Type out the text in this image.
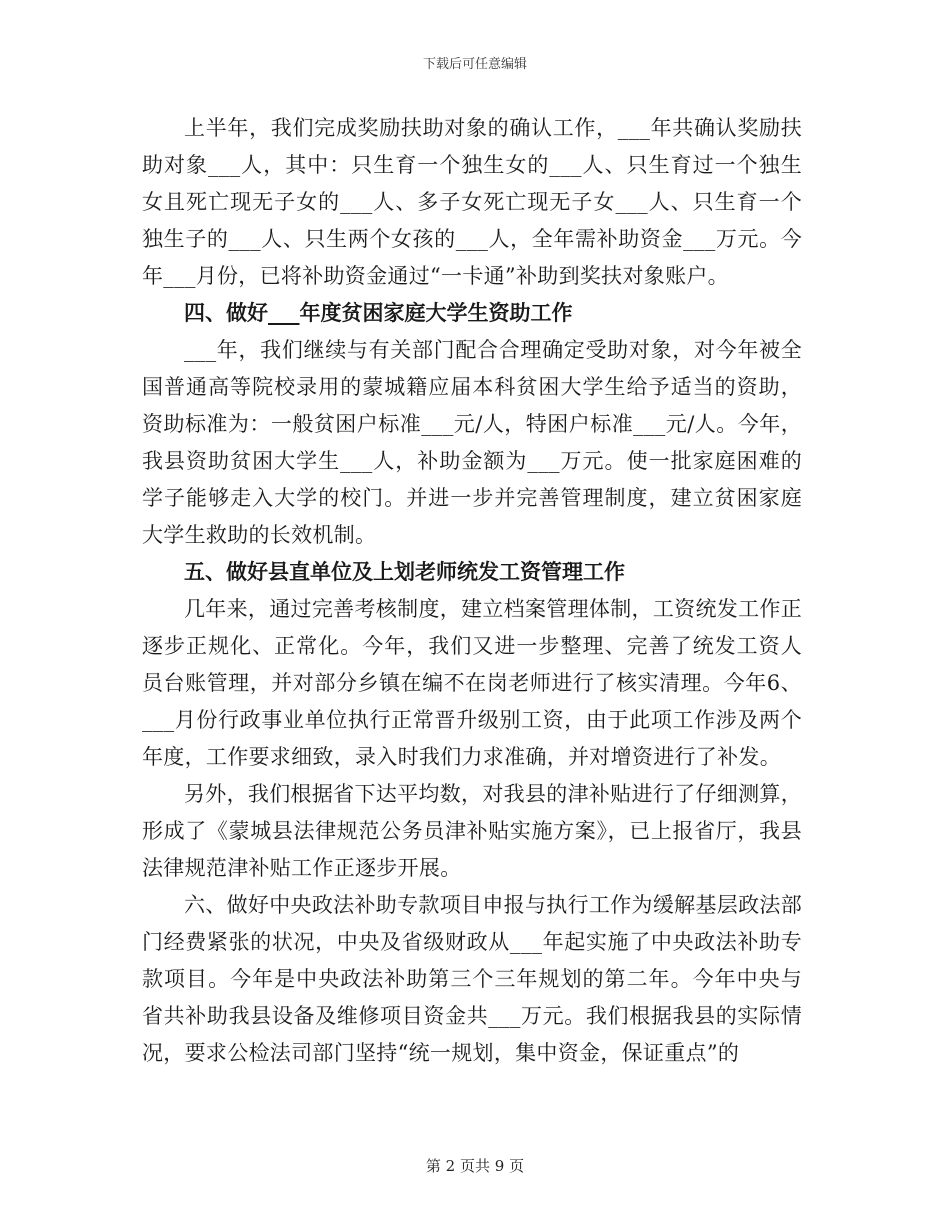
下载后可任意编辑

上半年，我们完成奖励扶助对象的确认工作，___年共确认奖励扶助对象___人，其中：只生育一个独生女的___人、只生育过一个独生女且死亡现无子女的___人、多子女死亡现无子女___人、只生育一个独生子的___人、只生两个女孩的___人，全年需补助资金___万元。今年___月份，已将补助资金通过“一卡通”补助到奖扶对象账户。

四、做好___年度贫困家庭大学生资助工作

___年，我们继续与有关部门配合合理确定受助对象，对今年被全国普通高等院校录用的蒙城籍应届本科贫困大学生给予适当的资助，资助标准为：一般贫困户标准___元/人，特困户标准___元/人。今年，我县资助贫困大学生___人，补助金额为___万元。使一批家庭困难的学子能够走入大学的校门。并进一步并完善管理制度，建立贫困家庭大学生救助的长效机制。

五、做好县直单位及上划老师统发工资管理工作

几年来，通过完善考核制度，建立档案管理体制，工资统发工作正逐步正规化、正常化。今年，我们又进一步整理、完善了统发工资人员台账管理，并对部分乡镇在编不在岗老师进行了核实清理。今年6、___月份行政事业单位执行正常晋升级别工资，由于此项工作涉及两个年度，工作要求细致，录入时我们力求准确，并对增资进行了补发。

另外，我们根据省下达平均数，对我县的津补贴进行了仔细测算，形成了《蒙城县法律规范公务员津补贴实施方案》，已上报省厅，我县法律规范津补贴工作正逐步开展。

六、做好中央政法补助专款项目申报与执行工作为缓解基层政法部门经费紧张的状况，中央及省级财政从___年起实施了中央政法补助专款项目。今年是中央政法补助第三个三年规划的第二年。今年中央与省共补助我县设备及维修项目资金共___万元。我们根据我县的实际情况，要求公检法司部门坚持“统一规划，集中资金，保证重点”的

第 2 页共 9 页
